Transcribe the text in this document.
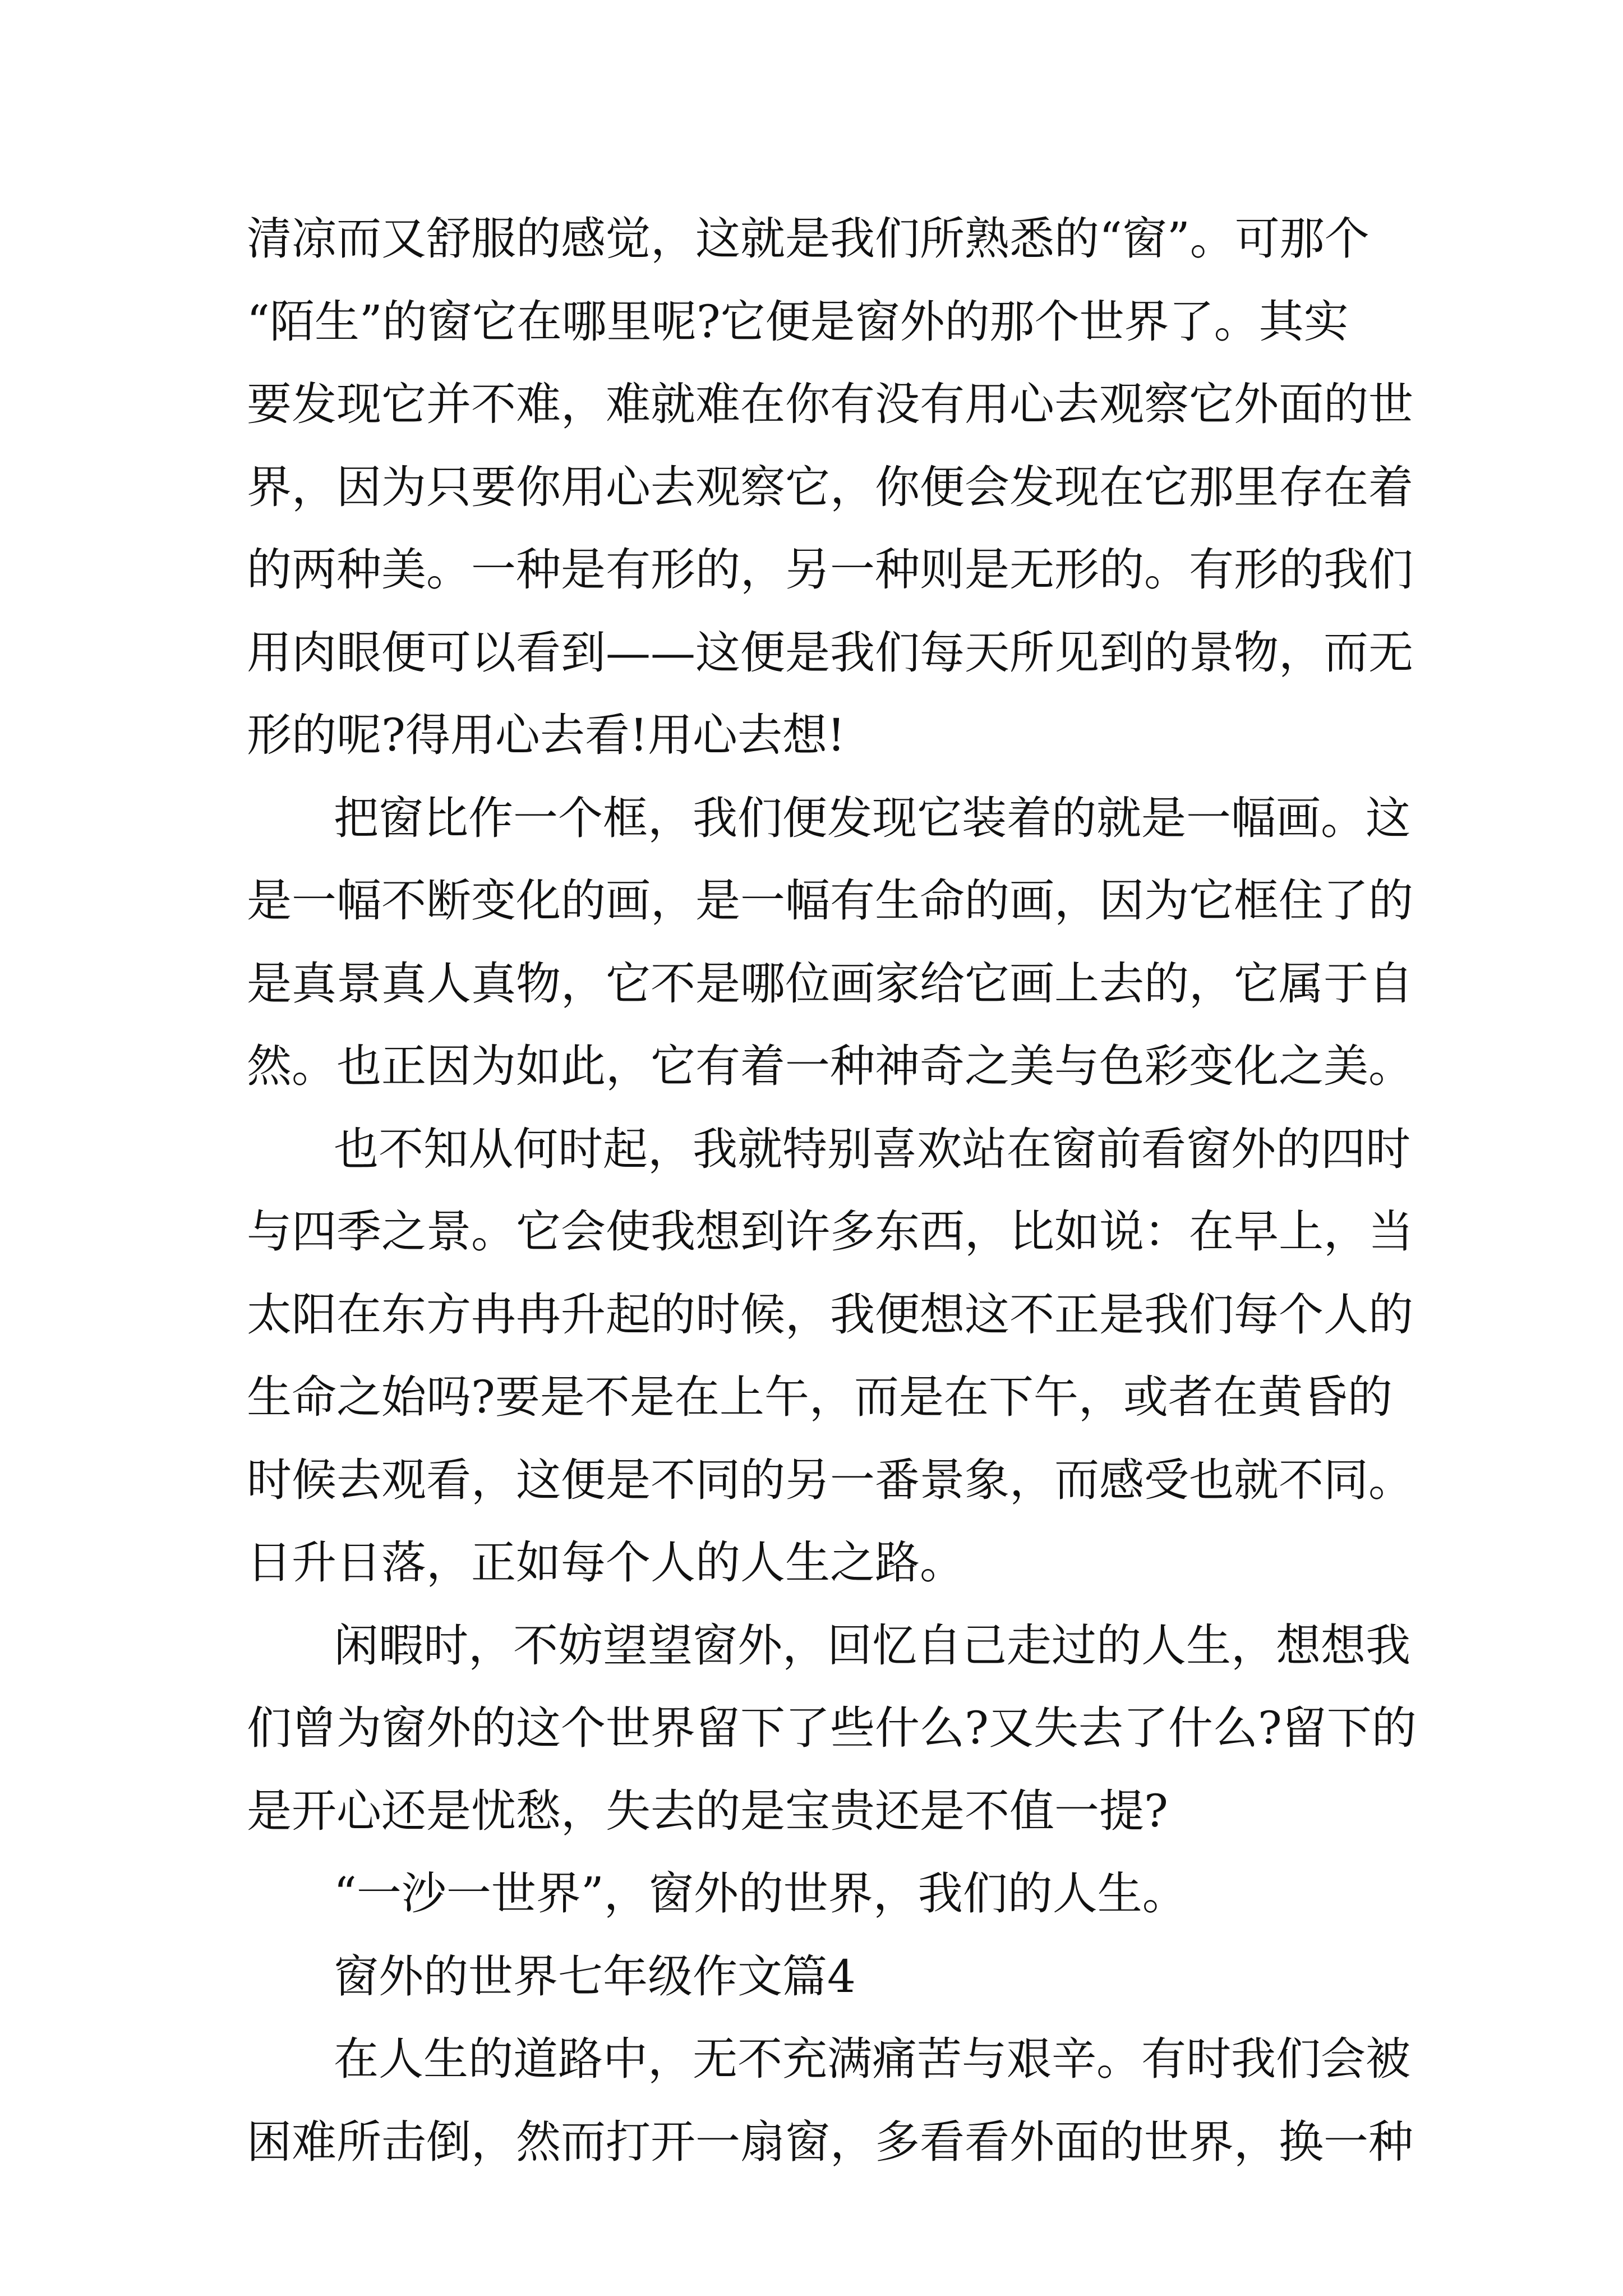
清凉而又舒服的感觉，这就是我们所熟悉的“窗”。可那个
“陌生”的窗它在哪里呢?它便是窗外的那个世界了。其实
要发现它并不难，难就难在你有没有用心去观察它外面的世
界，因为只要你用心去观察它，你便会发现在它那里存在着
的两种美。一种是有形的，另一种则是无形的。有形的我们
用肉眼便可以看到——这便是我们每天所见到的景物，而无
形的呢?得用心去看!用心去想!
把窗比作一个框，我们便发现它装着的就是一幅画。这
是一幅不断变化的画，是一幅有生命的画，因为它框住了的
是真景真人真物，它不是哪位画家给它画上去的，它属于自
然。也正因为如此，它有着一种神奇之美与色彩变化之美。
也不知从何时起，我就特别喜欢站在窗前看窗外的四时
与四季之景。它会使我想到许多东西，比如说：在早上，当
太阳在东方冉冉升起的时候，我便想这不正是我们每个人的
生命之始吗?要是不是在上午，而是在下午，或者在黄昏的
时候去观看，这便是不同的另一番景象，而感受也就不同。
日升日落，正如每个人的人生之路。
闲暇时，不妨望望窗外，回忆自己走过的人生，想想我
们曾为窗外的这个世界留下了些什么?又失去了什么?留下的
是开心还是忧愁，失去的是宝贵还是不值一提?
“一沙一世界”，窗外的世界，我们的人生。
窗外的世界七年级作文篇4
在人生的道路中，无不充满痛苦与艰辛。有时我们会被
困难所击倒，然而打开一扇窗，多看看外面的世界，换一种
